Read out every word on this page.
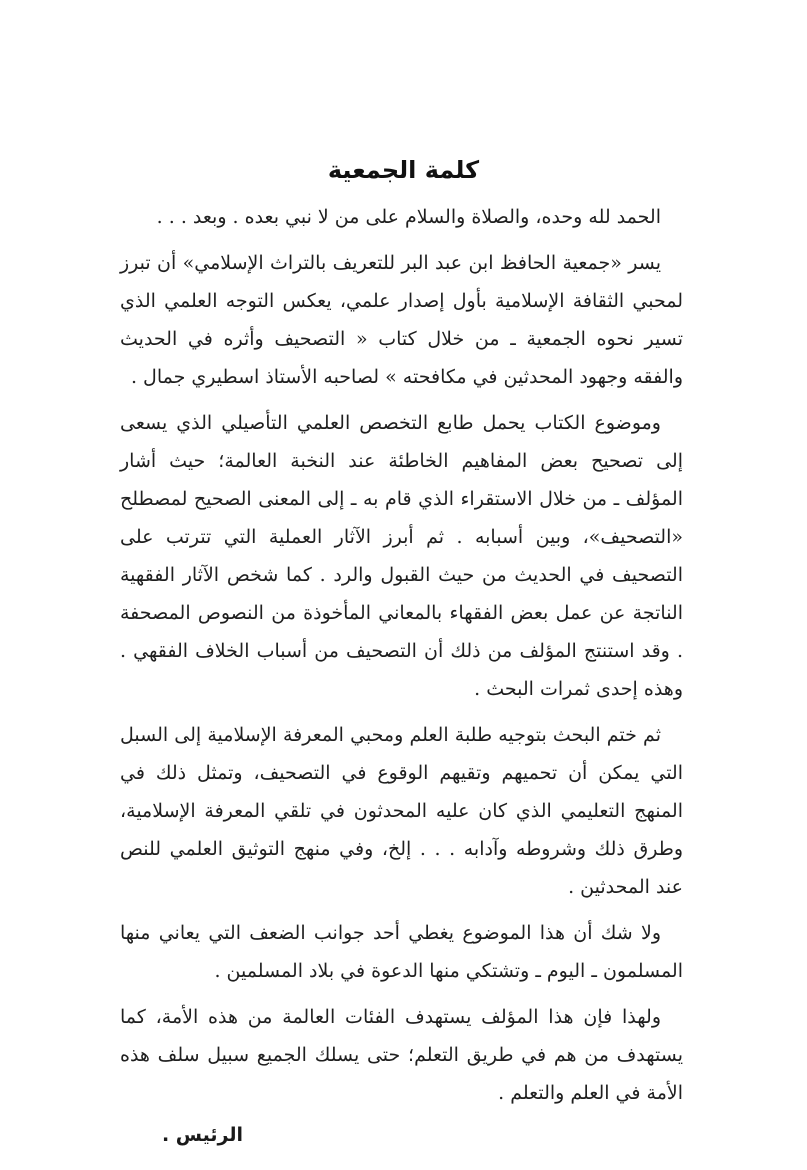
كلمة الجمعية

الحمد لله وحده، والصلاة والسلام على من لا نبي بعده . وبعد . . .

يسر «جمعية الحافظ ابن عبد البر للتعريف بالتراث الإسلامي» أن تبرز لمحبي الثقافة الإسلامية بأول إصدار علمي، يعكس التوجه العلمي الذي تسير نحوه الجمعية ـ من خلال كتاب « التصحيف وأثره في الحديث والفقه وجهود المحدثين في مكافحته » لصاحبه الأستاذ اسطيري جمال .

وموضوع الكتاب يحمل طابع التخصص العلمي التأصيلي الذي يسعى إلى تصحيح بعض المفاهيم الخاطئة عند النخبة العالمة؛ حيث أشار المؤلف ـ من خلال الاستقراء الذي قام به ـ إلى المعنى الصحيح لمصطلح «التصحيف»، وبين أسبابه . ثم أبرز الآثار العملية التي تترتب على التصحيف في الحديث من حيث القبول والرد . كما شخص الآثار الفقهية الناتجة عن عمل بعض الفقهاء بالمعاني المأخوذة من النصوص المصحفة . وقد استنتج المؤلف من ذلك أن التصحيف من أسباب الخلاف الفقهي . وهذه إحدى ثمرات البحث .

ثم ختم البحث بتوجيه طلبة العلم ومحبي المعرفة الإسلامية إلى السبل التي يمكن أن تحميهم وتقيهم الوقوع في التصحيف، وتمثل ذلك في المنهج التعليمي الذي كان عليه المحدثون في تلقي المعرفة الإسلامية، وطرق ذلك وشروطه وآدابه . . . إلخ، وفي منهج التوثيق العلمي للنص عند المحدثين .

ولا شك أن هذا الموضوع يغطي أحد جوانب الضعف التي يعاني منها المسلمون ـ اليوم ـ وتشتكي منها الدعوة في بلاد المسلمين .

ولهذا فإن هذا المؤلف يستهدف الفئات العالمة من هذه الأمة، كما يستهدف من هم في طريق التعلم؛ حتى يسلك الجميع سبيل سلف هذه الأمة في العلم والتعلم .

الرئيس .
